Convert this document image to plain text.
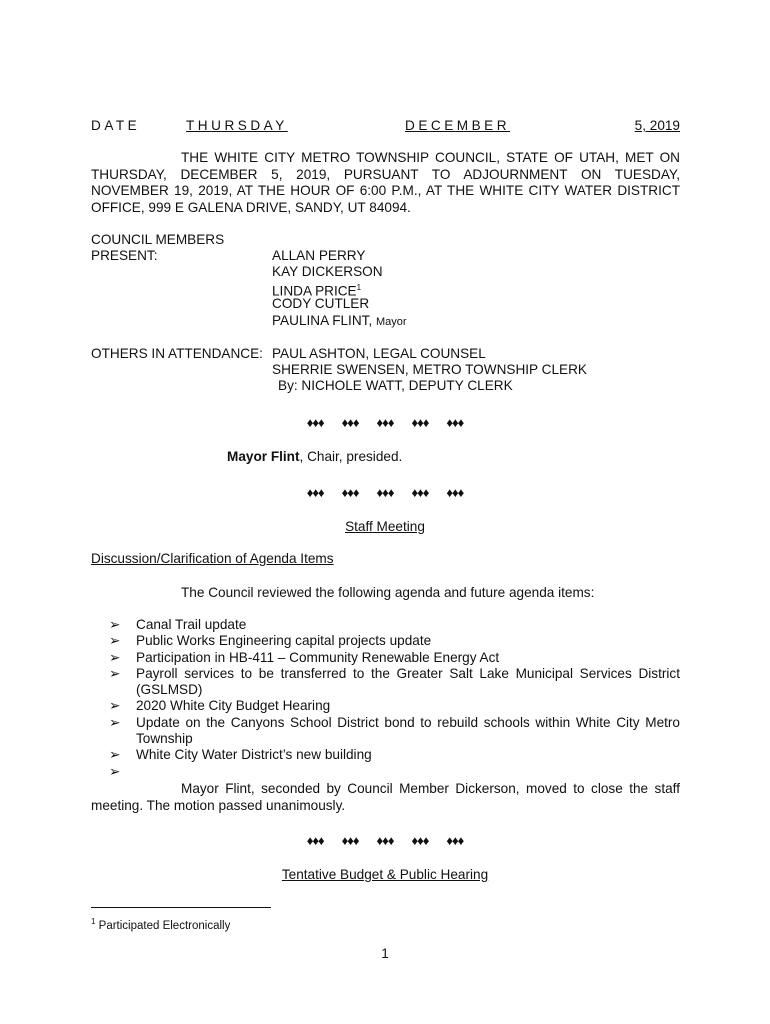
DATE	THURSDAY	DECEMBER	5, 2019
THE WHITE CITY METRO TOWNSHIP COUNCIL, STATE OF UTAH, MET ON THURSDAY, DECEMBER 5, 2019, PURSUANT TO ADJOURNMENT ON TUESDAY, NOVEMBER 19, 2019, AT THE HOUR OF 6:00 P.M., AT THE WHITE CITY WATER DISTRICT OFFICE, 999 E GALENA DRIVE, SANDY, UT 84094.
COUNCIL MEMBERS
PRESENT:	ALLAN PERRY
KAY DICKERSON
LINDA PRICE$^1$
CODY CUTLER
PAULINA FLINT, Mayor
OTHERS IN ATTENDANCE: PAUL ASHTON, LEGAL COUNSEL
SHERRIE SWENSEN, METRO TOWNSHIP CLERK
By: NICHOLE WATT, DEPUTY CLERK
♦♦♦ ♦♦♦ ♦♦♦ ♦♦♦ ♦♦♦
Mayor Flint, Chair, presided.
♦♦♦ ♦♦♦ ♦♦♦ ♦♦♦ ♦♦♦
Staff Meeting
Discussion/Clarification of Agenda Items
The Council reviewed the following agenda and future agenda items:
➢ Canal Trail update
➢ Public Works Engineering capital projects update
➢ Participation in HB-411 – Community Renewable Energy Act
➢ Payroll services to be transferred to the Greater Salt Lake Municipal Services District (GSLMSD)
➢ 2020 White City Budget Hearing
➢ Update on the Canyons School District bond to rebuild schools within White City Metro Township
➢ White City Water District’s new building
➢
Mayor Flint, seconded by Council Member Dickerson, moved to close the staff meeting. The motion passed unanimously.
♦♦♦ ♦♦♦ ♦♦♦ ♦♦♦ ♦♦♦
Tentative Budget & Public Hearing
$^1$ Participated Electronically
1
